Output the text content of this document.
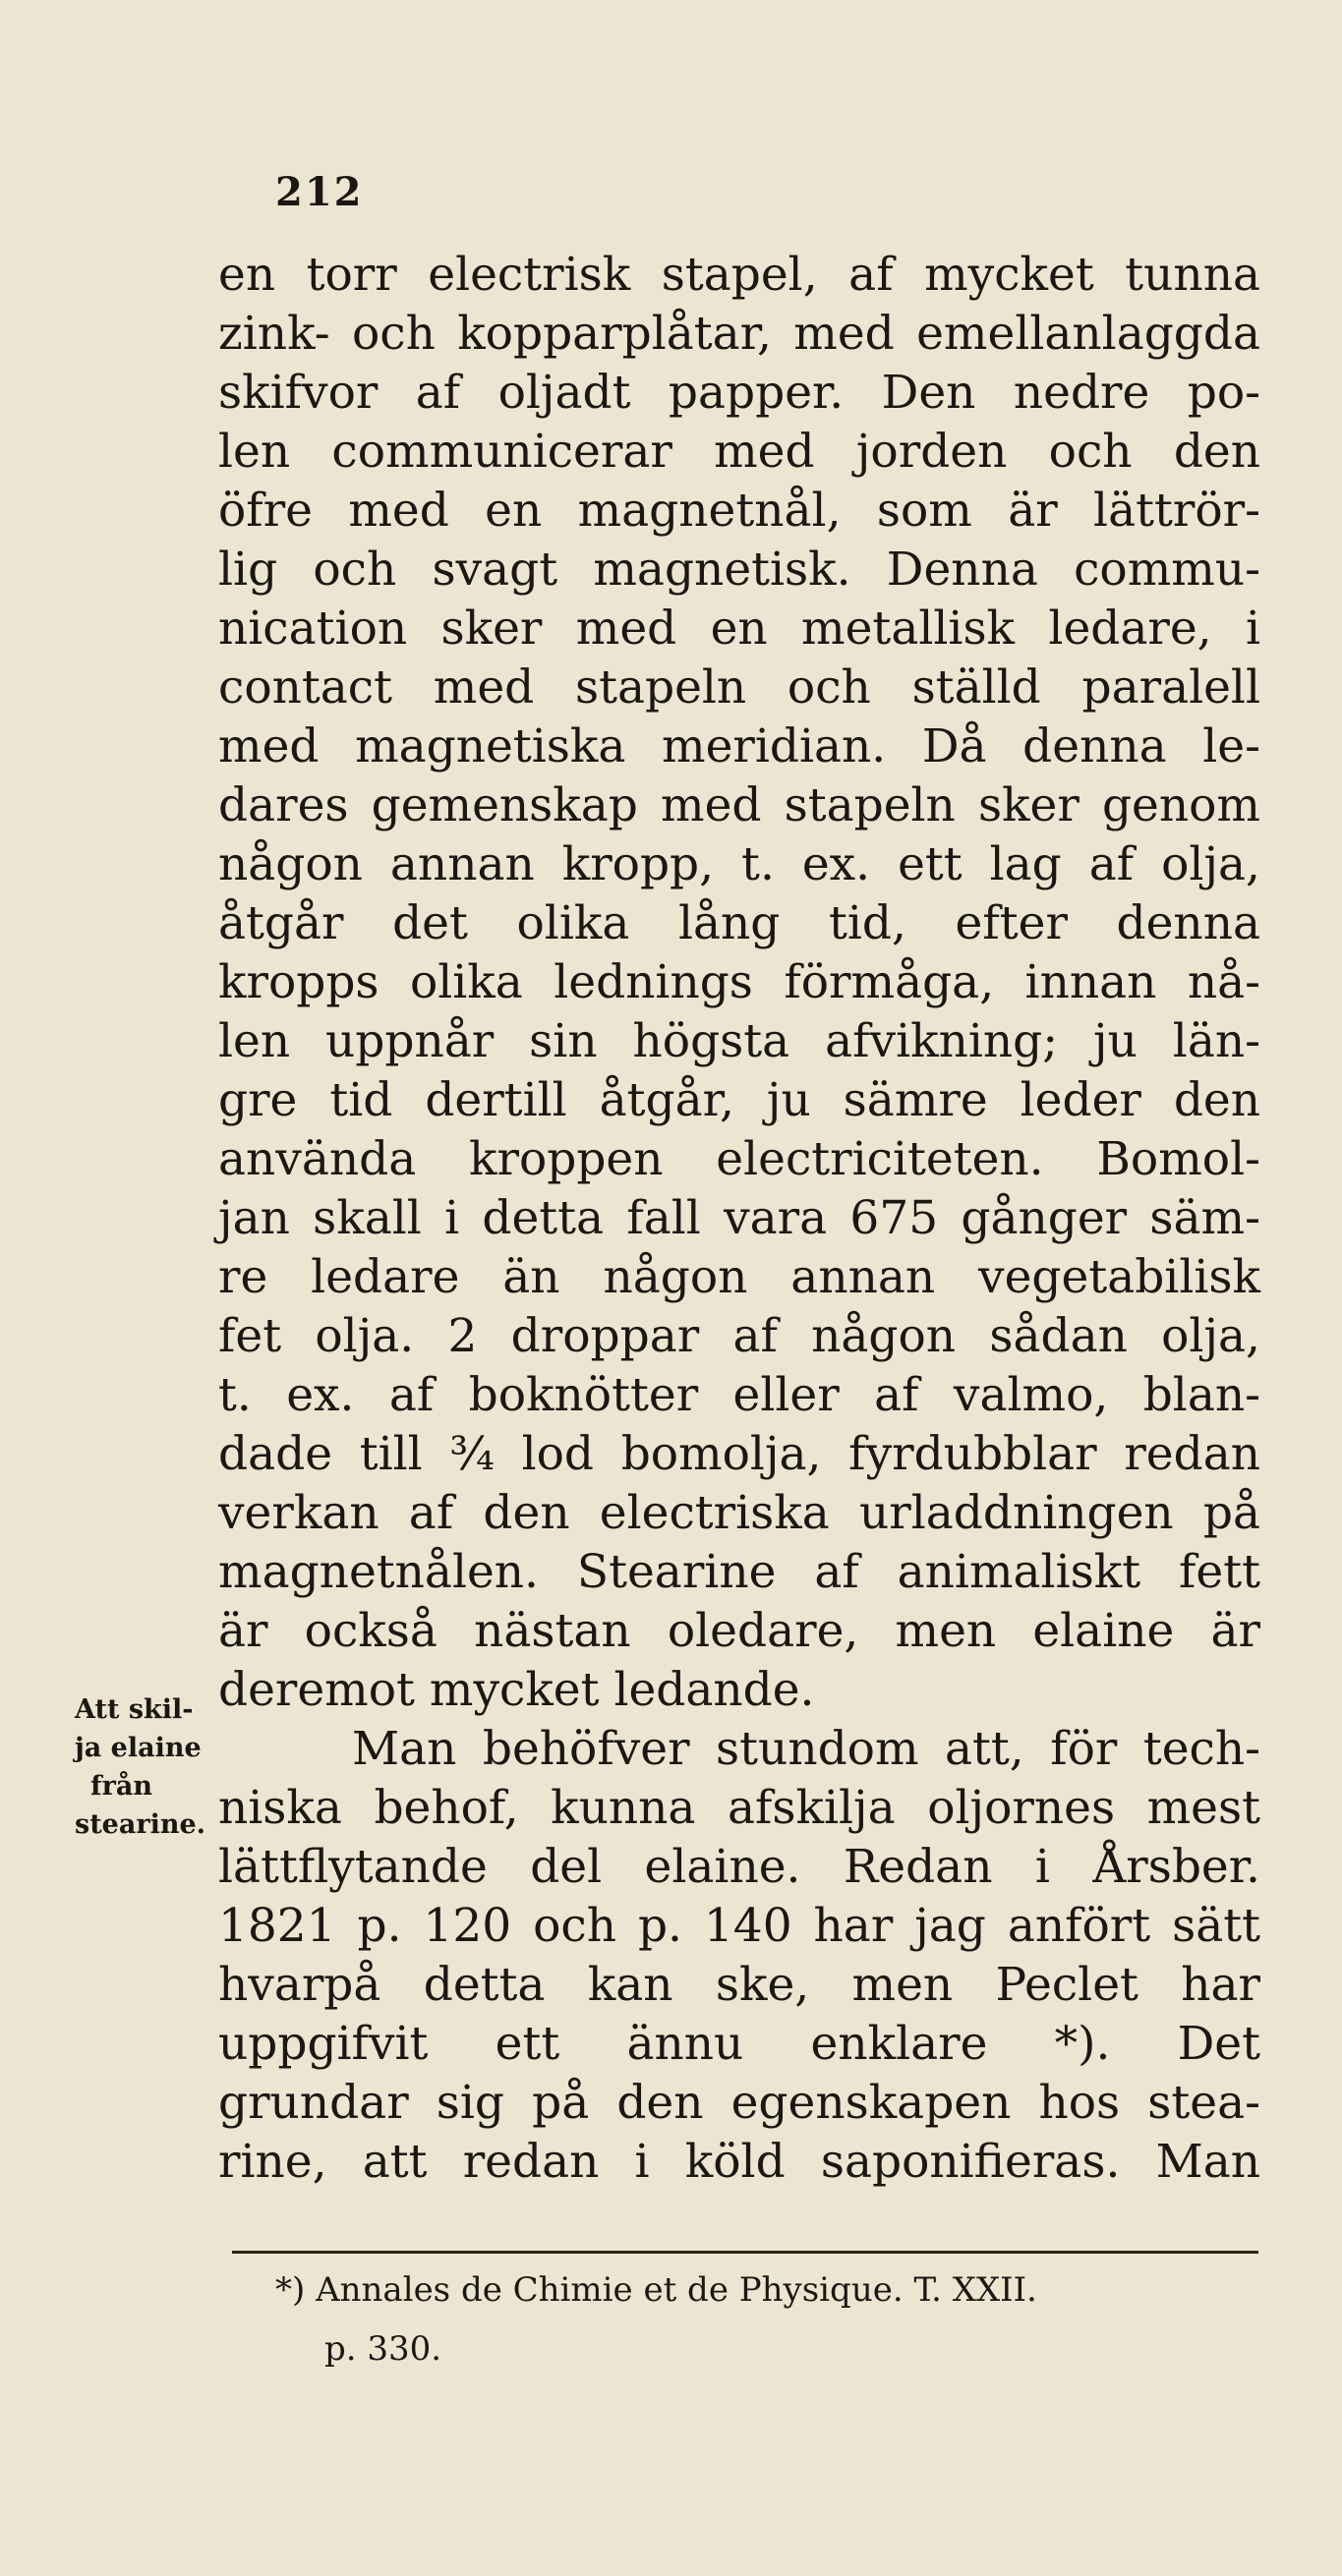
212
en torr electrisk stapel, af mycket tunna
zink- och kopparplåtar, med emellanlaggda
skifvor af oljadt papper. Den nedre po-
len communicerar med jorden och den
öfre med en magnetnål, som är lättrör-
lig och svagt magnetisk. Denna commu-
nication sker med en metallisk ledare, i
contact med stapeln och ställd paralell
med magnetiska meridian. Då denna le-
dares gemenskap med stapeln sker genom
någon annan kropp, t. ex. ett lag af olja,
åtgår det olika lång tid, efter denna
kropps olika lednings förmåga, innan nå-
len uppnår sin högsta afvikning; ju län-
gre tid dertill åtgår, ju sämre leder den
använda kroppen electriciteten. Bomol-
jan skall i detta fall vara 675 gånger säm-
re ledare än någon annan vegetabilisk
fet olja. 2 droppar af någon sådan olja,
t. ex. af boknötter eller af valmo, blan-
dade till ¾ lod bomolja, fyrdubblar redan
verkan af den electriska urladdningen på
magnetnålen. Stearine af animaliskt fett
är också nästan oledare, men elaine är
deremot mycket ledande.
Man behöfver stundom att, för tech-
niska behof, kunna afskilja oljornes mest
lättflytande del elaine. Redan i Årsber.
1821 p. 120 och p. 140 har jag anfört sätt
hvarpå detta kan ske, men Peclet har
uppgifvit ett ännu enklare *). Det
grundar sig på den egenskapen hos stea-
rine, att redan i köld saponifieras. Man
Att skil-
ja elaine
från
stearine.
*) Annales de Chimie et de Physique. T. XXII.
p. 330.
